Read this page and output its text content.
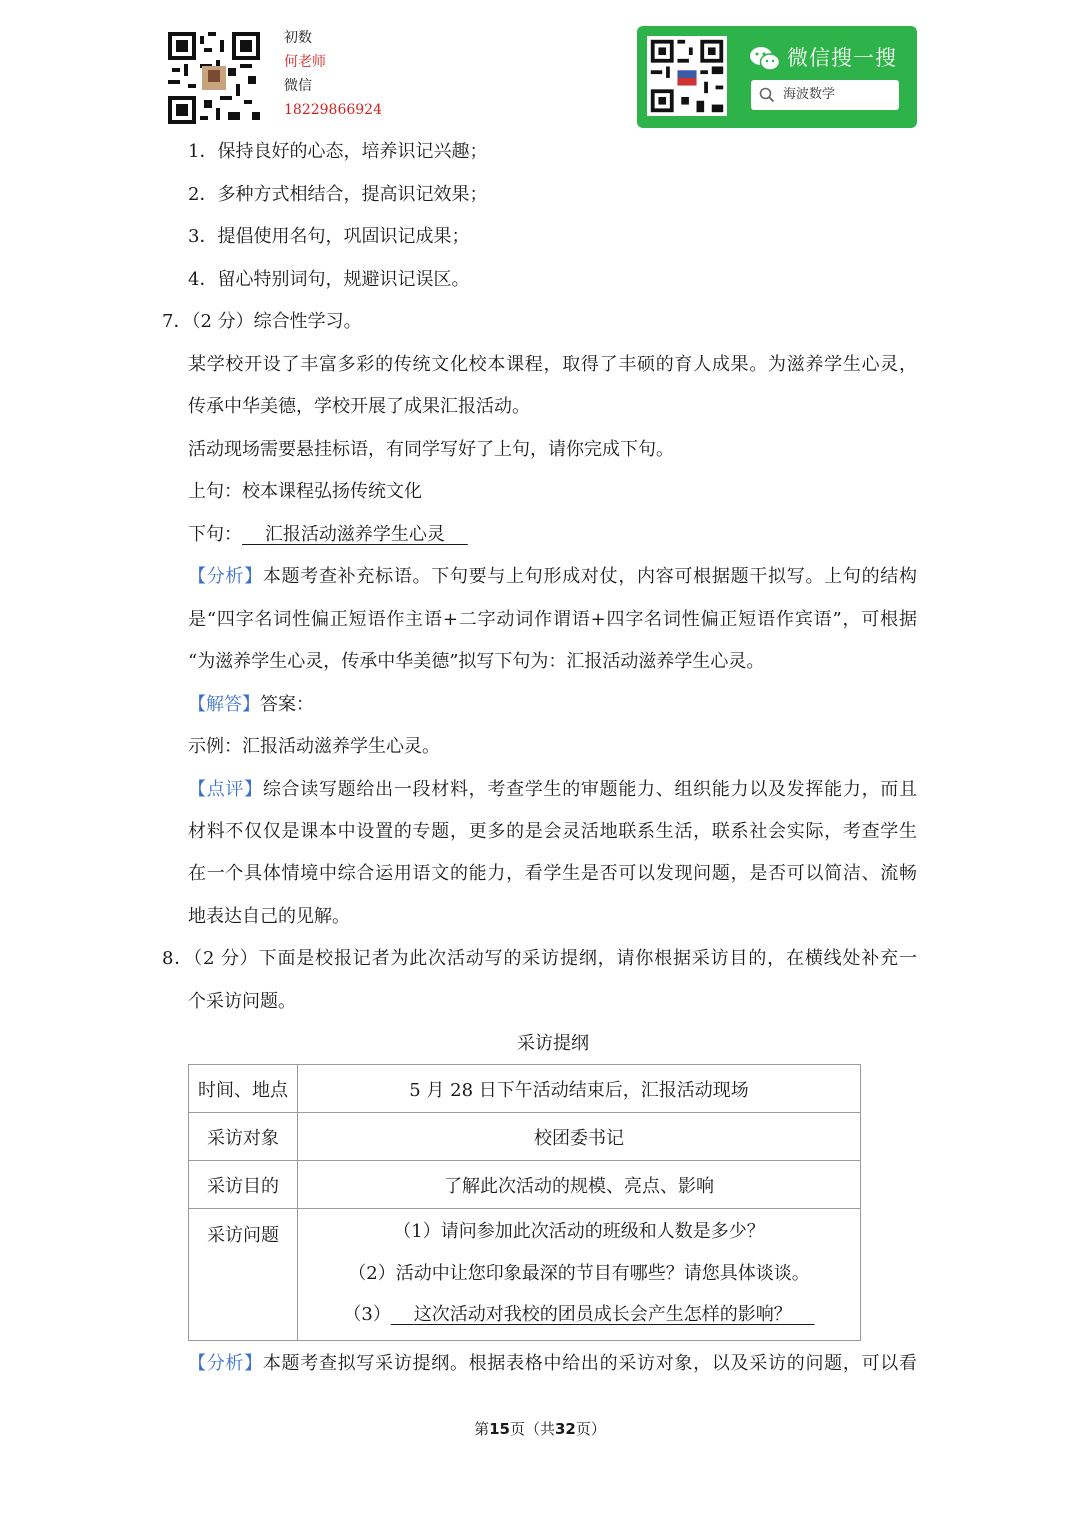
初数
何老师
微信
18229866924
微信搜一搜
海波数学
1．保持良好的心态，培养识记兴趣；
2．多种方式相结合，提高识记效果；
3．提倡使用名句，巩固识记成果；
4．留心特别词句，规避识记误区。
7．（2 分）综合性学习。
某学校开设了丰富多彩的传统文化校本课程，取得了丰硕的育人成果。为滋养学生心灵，
传承中华美德，学校开展了成果汇报活动。
活动现场需要悬挂标语，有同学写好了上句，请你完成下句。
上句：校本课程弘扬传统文化
下句： 汇报活动滋养学生心灵
【分析】本题考查补充标语。下句要与上句形成对仗，内容可根据题干拟写。上句的结构
是“四字名词性偏正短语作主语+二字动词作谓语+四字名词性偏正短语作宾语”，可根据
“为滋养学生心灵，传承中华美德”拟写下句为：汇报活动滋养学生心灵。
【解答】答案：
示例：汇报活动滋养学生心灵。
【点评】综合读写题给出一段材料，考查学生的审题能力、组织能力以及发挥能力，而且
材料不仅仅是课本中设置的专题，更多的是会灵活地联系生活，联系社会实际，考查学生
在一个具体情境中综合运用语文的能力，看学生是否可以发现问题，是否可以简洁、流畅
地表达自己的见解。
8．（2 分）下面是校报记者为此次活动写的采访提纲，请你根据采访目的，在横线处补充一
个采访问题。
采访提纲
时间、地点	5 月 28 日下午活动结束后，汇报活动现场
采访对象	校团委书记
采访目的	了解此次活动的规模、亮点、影响
采访问题	（1）请问参加此次活动的班级和人数是多少？
（2）活动中让您印象最深的节目有哪些？请您具体谈谈。
（3） 这次活动对我校的团员成长会产生怎样的影响？
【分析】本题考查拟写采访提纲。根据表格中给出的采访对象，以及采访的问题，可以看
第15页（共32页）
